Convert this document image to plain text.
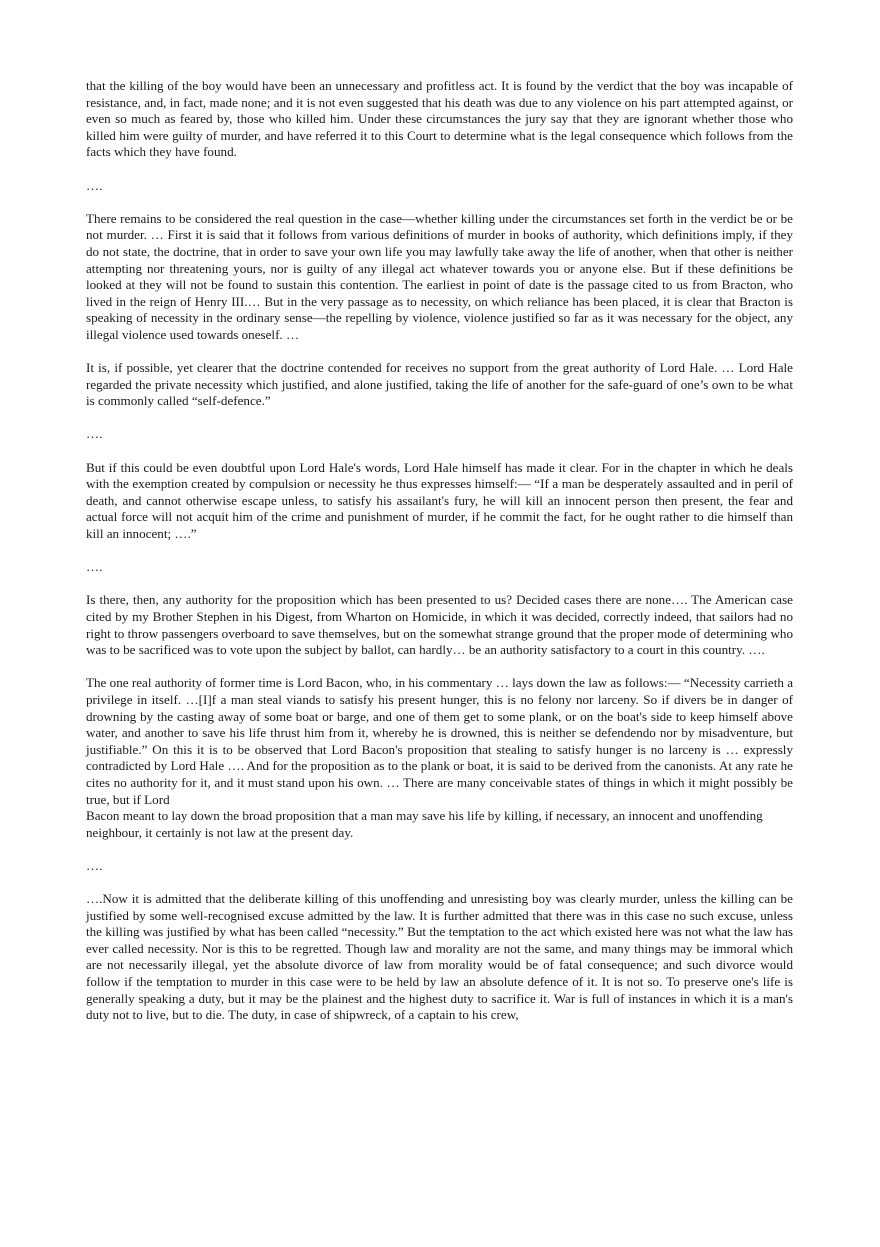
that the killing of the boy would have been an unnecessary and profitless act. It is found by the verdict that the boy was incapable of resistance, and, in fact, made none; and it is not even suggested that his death was due to any violence on his part attempted against, or even so much as feared by, those who killed him. Under these circumstances the jury say that they are ignorant whether those who killed him were guilty of murder, and have referred it to this Court to determine what is the legal consequence which follows from the facts which they have found.

….

There remains to be considered the real question in the case—whether killing under the circumstances set forth in the verdict be or be not murder. … First it is said that it follows from various definitions of murder in books of authority, which definitions imply, if they do not state, the doctrine, that in order to save your own life you may lawfully take away the life of another, when that other is neither attempting nor threatening yours, nor is guilty of any illegal act whatever towards you or anyone else. But if these definitions be looked at they will not be found to sustain this contention. The earliest in point of date is the passage cited to us from Bracton, who lived in the reign of Henry III.… But in the very passage as to necessity, on which reliance has been placed, it is clear that Bracton is speaking of necessity in the ordinary sense—the repelling by violence, violence justified so far as it was necessary for the object, any illegal violence used towards oneself. …

It is, if possible, yet clearer that the doctrine contended for receives no support from the great authority of Lord Hale. … Lord Hale regarded the private necessity which justified, and alone justified, taking the life of another for the safe-guard of one’s own to be what is commonly called “self-defence.”

….

But if this could be even doubtful upon Lord Hale's words, Lord Hale himself has made it clear. For in the chapter in which he deals with the exemption created by compulsion or necessity he thus expresses himself:— “If a man be desperately assaulted and in peril of death, and cannot otherwise escape unless, to satisfy his assailant's fury, he will kill an innocent person then present, the fear and actual force will not acquit him of the crime and punishment of murder, if he commit the fact, for he ought rather to die himself than kill an innocent; ….”

….

Is there, then, any authority for the proposition which has been presented to us? Decided cases there are none…. The American case cited by my Brother Stephen in his Digest, from Wharton on Homicide, in which it was decided, correctly indeed, that sailors had no right to throw passengers overboard to save themselves, but on the somewhat strange ground that the proper mode of determining who was to be sacrificed was to vote upon the subject by ballot, can hardly… be an authority satisfactory to a court in this country. ….

The one real authority of former time is Lord Bacon, who, in his commentary … lays down the law as follows:— “Necessity carrieth a privilege in itself. …[I]f a man steal viands to satisfy his present hunger, this is no felony nor larceny. So if divers be in danger of drowning by the casting away of some boat or barge, and one of them get to some plank, or on the boat's side to keep himself above water, and another to save his life thrust him from it, whereby he is drowned, this is neither se defendendo nor by misadventure, but justifiable.” On this it is to be observed that Lord Bacon's proposition that stealing to satisfy hunger is no larceny is … expressly contradicted by Lord Hale …. And for the proposition as to the plank or boat, it is said to be derived from the canonists. At any rate he cites no authority for it, and it must stand upon his own. … There are many conceivable states of things in which it might possibly be true, but if Lord

Bacon meant to lay down the broad proposition that a man may save his life by killing, if necessary, an innocent and unoffending neighbour, it certainly is not law at the present day.

….

….Now it is admitted that the deliberate killing of this unoffending and unresisting boy was clearly murder, unless the killing can be justified by some well-recognised excuse admitted by the law. It is further admitted that there was in this case no such excuse, unless the killing was justified by what has been called “necessity.” But the temptation to the act which existed here was not what the law has ever called necessity. Nor is this to be regretted. Though law and morality are not the same, and many things may be immoral which are not necessarily illegal, yet the absolute divorce of law from morality would be of fatal consequence; and such divorce would follow if the temptation to murder in this case were to be held by law an absolute defence of it. It is not so. To preserve one's life is generally speaking a duty, but it may be the plainest and the highest duty to sacrifice it. War is full of instances in which it is a man's duty not to live, but to die. The duty, in case of shipwreck, of a captain to his crew,
